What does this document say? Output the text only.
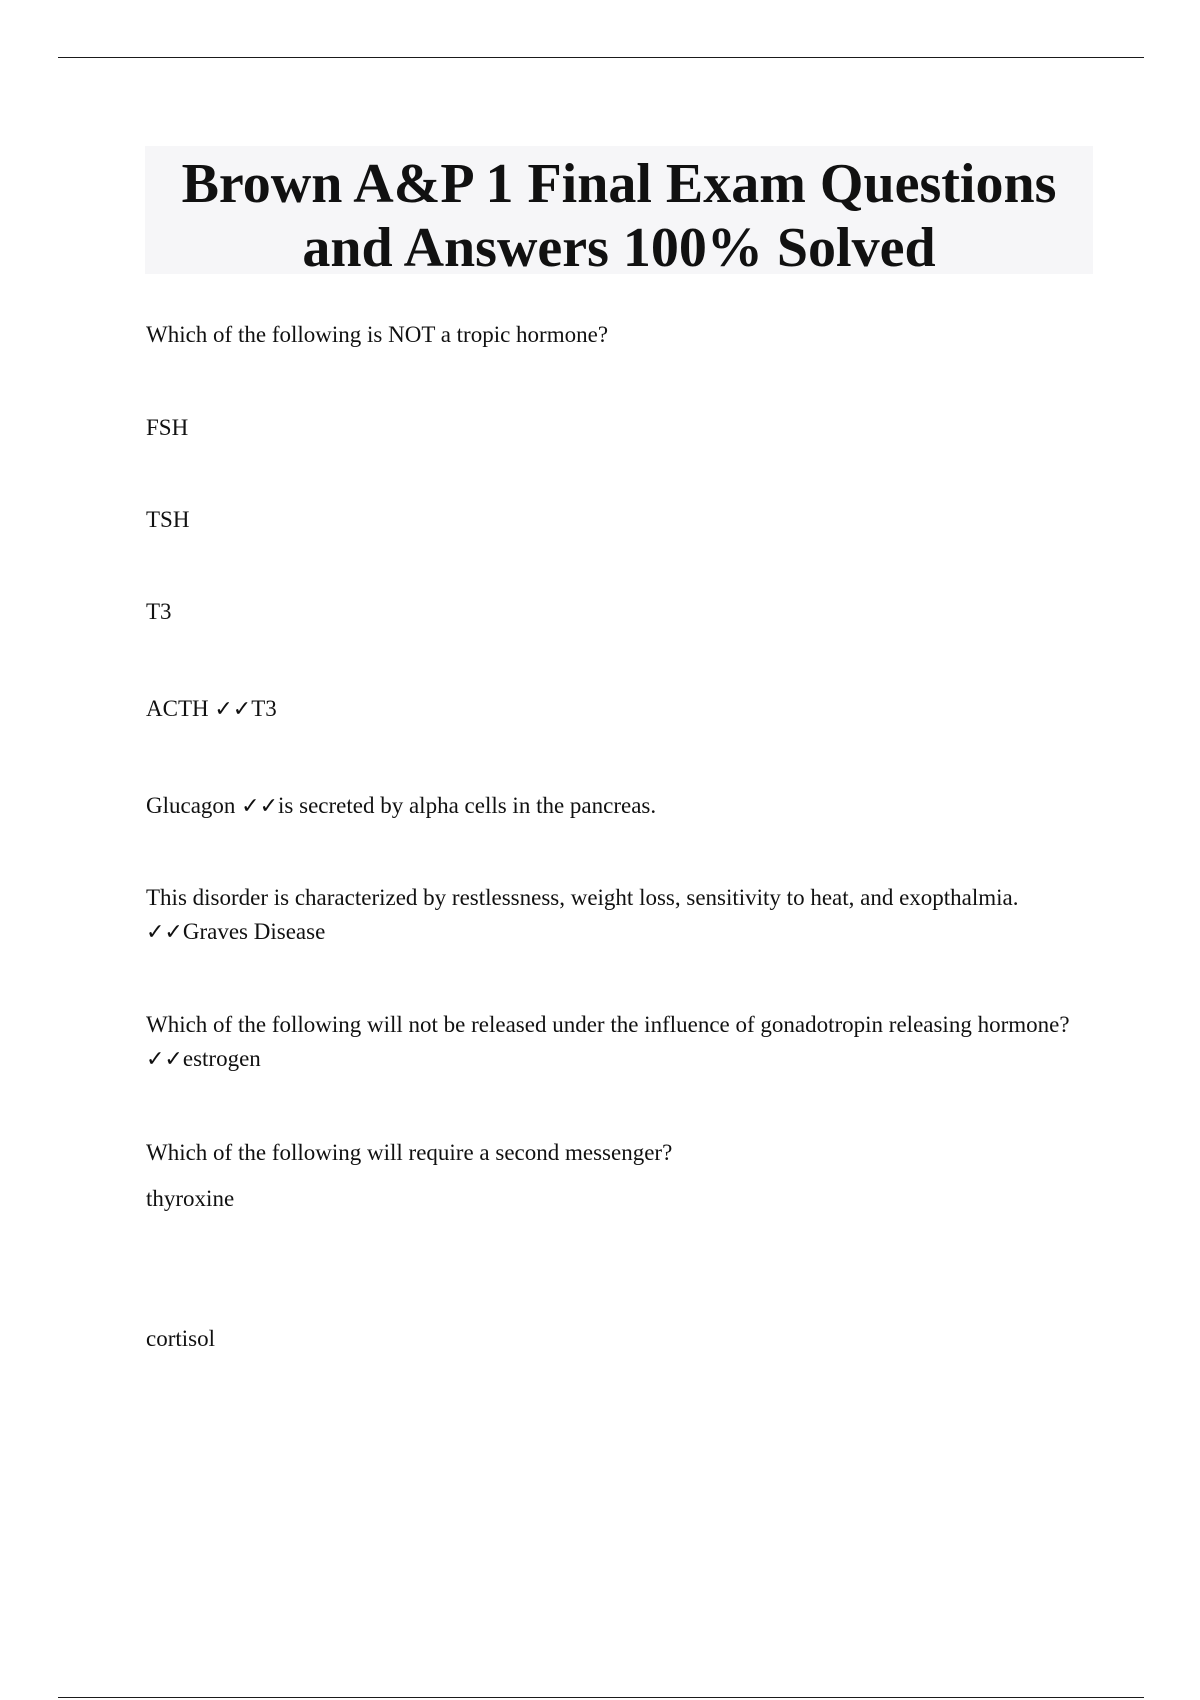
Brown A&P 1 Final Exam Questions and Answers 100% Solved

Which of the following is NOT a tropic hormone?

FSH

TSH

T3

ACTH ✓✓T3

Glucagon ✓✓is secreted by alpha cells in the pancreas.

This disorder is characterized by restlessness, weight loss, sensitivity to heat, and exopthalmia.
✓✓Graves Disease

Which of the following will not be released under the influence of gonadotropin releasing hormone? ✓✓estrogen

Which of the following will require a second messenger?

thyroxine

cortisol
